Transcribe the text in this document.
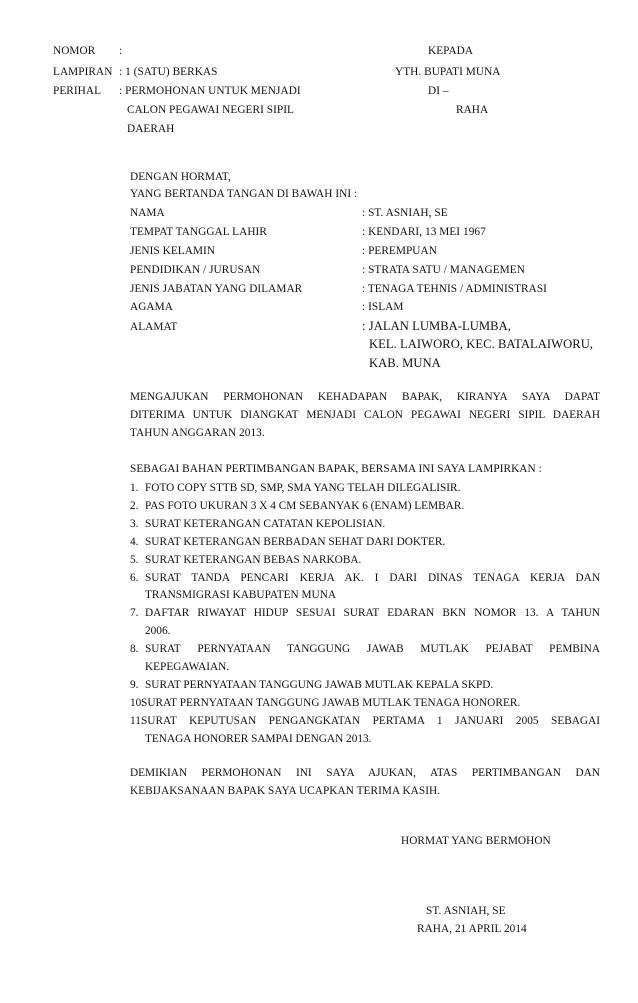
NOMOR :	KEPADA
LAMPIRAN : 1 (SATU) BERKAS	YTH. BUPATI MUNA
PERIHAL : PERMOHONAN UNTUK MENJADI	DI –
CALON PEGAWAI NEGERI SIPIL	RAHA
DAERAH
DENGAN HORMAT,
YANG BERTANDA TANGAN DI BAWAH INI :
NAMA	: ST. ASNIAH, SE
TEMPAT TANGGAL LAHIR	: KENDARI, 13 MEI 1967
JENIS KELAMIN	: PEREMPUAN
PENDIDIKAN / JURUSAN	: STRATA SATU / MANAGEMEN
JENIS JABATAN YANG DILAMAR	: TENAGA TEHNIS / ADMINISTRASI
AGAMA	: ISLAM
ALAMAT	: JALAN LUMBA-LUMBA,
KEL. LAIWORO, KEC. BATALAIWORU,
KAB. MUNA
MENGAJUKAN PERMOHONAN KEHADAPAN BAPAK, KIRANYA SAYA DAPAT
DITERIMA UNTUK DIANGKAT MENJADI CALON PEGAWAI NEGERI SIPIL DAERAH
TAHUN ANGGARAN 2013.
SEBAGAI BAHAN PERTIMBANGAN BAPAK, BERSAMA INI SAYA LAMPIRKAN :
1. FOTO COPY STTB SD, SMP, SMA YANG TELAH DILEGALISIR.
2. PAS FOTO UKURAN 3 X 4 CM SEBANYAK 6 (ENAM) LEMBAR.
3. SURAT KETERANGAN CATATAN KEPOLISIAN.
4. SURAT KETERANGAN BERBADAN SEHAT DARI DOKTER.
5. SURAT KETERANGAN BEBAS NARKOBA.
6. SURAT TANDA PENCARI KERJA AK. I DARI DINAS TENAGA KERJA DAN
TRANSMIGRASI KABUPATEN MUNA
7. DAFTAR RIWAYAT HIDUP SESUAI SURAT EDARAN BKN NOMOR 13. A TAHUN
2006.
8. SURAT PERNYATAAN TANGGUNG JAWAB MUTLAK PEJABAT PEMBINA
KEPEGAWAIAN.
9. SURAT PERNYATAAN TANGGUNG JAWAB MUTLAK KEPALA SKPD.
10.
SURAT PERNYATAAN TANGGUNG JAWAB MUTLAK TENAGA HONORER.
11.
SURAT KEPUTUSAN PENGANGKATAN PERTAMA 1 JANUARI 2005 SEBAGAI
TENAGA HONORER SAMPAI DENGAN 2013.
DEMIKIAN PERMOHONAN INI SAYA AJUKAN, ATAS PERTIMBANGAN DAN
KEBIJAKSANAAN BAPAK SAYA UCAPKAN TERIMA KASIH.
HORMAT YANG BERMOHON
ST. ASNIAH, SE
RAHA, 21 APRIL 2014
